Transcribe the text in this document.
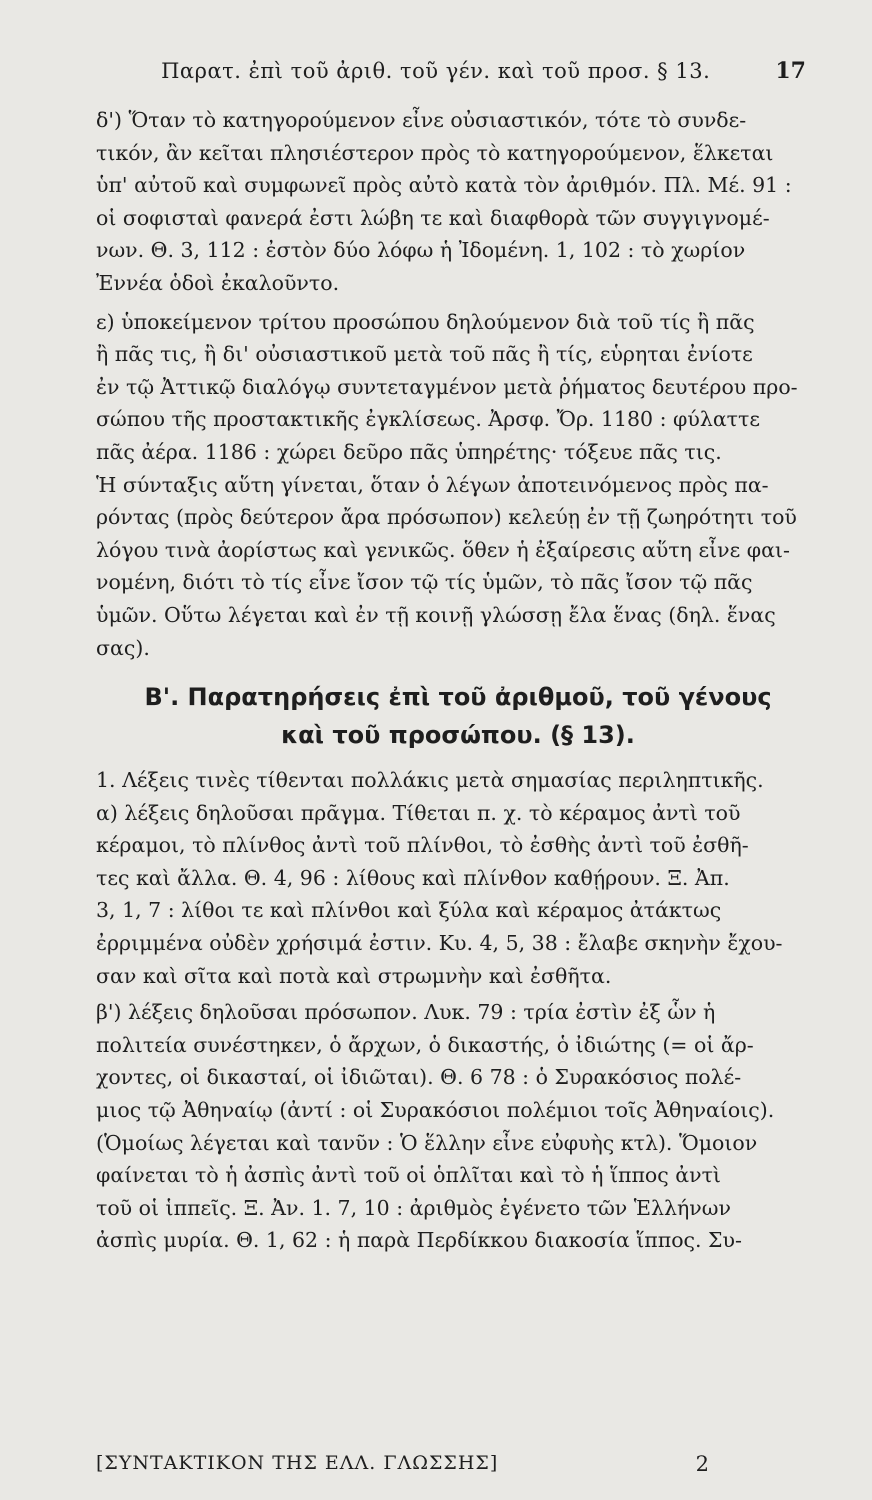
Παρατ. ἐπὶ τοῦ ἀριθ. τοῦ γέν. καὶ τοῦ προσ. § 13.	17

δ') Ὅταν τὸ κατηγορούμενον εἶνε οὐσιαστικόν, τότε τὸ συνδε-
τικόν, ἂν κεῖται πλησιέστερον πρὸς τὸ κατηγορούμενον, ἕλκεται
ὑπ' αὐτοῦ καὶ συμφωνεῖ πρὸς αὐτὸ κατὰ τὸν ἀριθμόν. Πλ. Μέ. 91 :
οἱ σοφισταὶ φανερά ἐστι λώβη τε καὶ διαφθορὰ τῶν συγγιγνομέ-
νων. Θ. 3, 112 : ἐστὸν δύο λόφω ἡ Ἰδομένη. 1, 102 : τὸ χωρίον
Ἐννέα ὁδοὶ ἐκαλοῦντο.

ε) ὑποκείμενον τρίτου προσώπου δηλούμενον διὰ τοῦ τίς ἢ πᾶς
ἢ πᾶς τις, ἢ δι' οὐσιαστικοῦ μετὰ τοῦ πᾶς ἢ τίς, εὑρηται ἐνίοτε
ἐν τῷ Ἀττικῷ διαλόγῳ συντεταγμένον μετὰ ῥήματος δευτέρου προ-
σώπου τῆς προστακτικῆς ἐγκλίσεως. Ἀρσφ. Ὄρ. 1180 : φύλαττε
πᾶς ἀέρα. 1186 : χώρει δεῦρο πᾶς ὑπηρέτης· τόξευε πᾶς τις.
Ἡ σύνταξις αὕτη γίνεται, ὅταν ὁ λέγων ἀποτεινόμενος πρὸς πα-
ρόντας (πρὸς δεύτερον ἄρα πρόσωπον) κελεύῃ ἐν τῇ ζωηρότητι τοῦ
λόγου τινὰ ἀορίστως καὶ γενικῶς. ὅθεν ἡ ἐξαίρεσις αὕτη εἶνε φαι-
νομένη, διότι τὸ τίς εἶνε ἴσον τῷ τίς ὑμῶν, τὸ πᾶς ἴσον τῷ πᾶς
ὑμῶν. Οὕτω λέγεται καὶ ἐν τῇ κοινῇ γλώσσῃ ἔλα ἕνας (δηλ. ἕνας
σας).

Β'. Παρατηρήσεις ἐπὶ τοῦ ἀριθμοῦ, τοῦ γένους
καὶ τοῦ προσώπου. (§ 13).

1. Λέξεις τινὲς τίθενται πολλάκις μετὰ σημασίας περιληπτικῆς.
α) λέξεις δηλοῦσαι πρᾶγμα. Τίθεται π. χ. τὸ κέραμος ἀντὶ τοῦ
κέραμοι, τὸ πλίνθος ἀντὶ τοῦ πλίνθοι, τὸ ἐσθὴς ἀντὶ τοῦ ἐσθῆ-
τες καὶ ἄλλα. Θ. 4, 96 : λίθους καὶ πλίνθον καθῄρουν. Ξ. Ἀπ.
3, 1, 7 : λίθοι τε καὶ πλίνθοι καὶ ξύλα καὶ κέραμος ἀτάκτως
ἐρριμμένα οὐδὲν χρήσιμά ἐστιν. Κυ. 4, 5, 38 : ἔλαβε σκηνὴν ἔχου-
σαν καὶ σῖτα καὶ ποτὰ καὶ στρωμνὴν καὶ ἐσθῆτα.

β') λέξεις δηλοῦσαι πρόσωπον. Λυκ. 79 : τρία ἐστὶν ἐξ ὧν ἡ
πολιτεία συνέστηκεν, ὁ ἄρχων, ὁ δικαστής, ὁ ἰδιώτης (= οἱ ἄρ-
χοντες, οἱ δικασταί, οἱ ἰδιῶται). Θ. 6 78 : ὁ Συρακόσιος πολέ-
μιος τῷ Ἀθηναίῳ (ἀντί : οἱ Συρακόσιοι πολέμιοι τοῖς Ἀθηναίοις).
(Ὁμοίως λέγεται καὶ τανῦν : Ὁ ἕλλην εἶνε εὐφυὴς κτλ). Ὅμοιον
φαίνεται τὸ ἡ ἀσπὶς ἀντὶ τοῦ οἱ ὁπλῖται καὶ τὸ ἡ ἵππος ἀντὶ
τοῦ οἱ ἱππεῖς. Ξ. Ἀν. 1. 7, 10 : ἀριθμὸς ἐγένετο τῶν Ἑλλήνων
ἀσπὶς μυρία. Θ. 1, 62 : ἡ παρὰ Περδίκκου διακοσία ἵππος. Συ-

[ΣΥΝΤΑΚΤΙΚΟΝ ΤΗΣ ΕΛΛ. ΓΛΩΣΣΗΣ]	2
